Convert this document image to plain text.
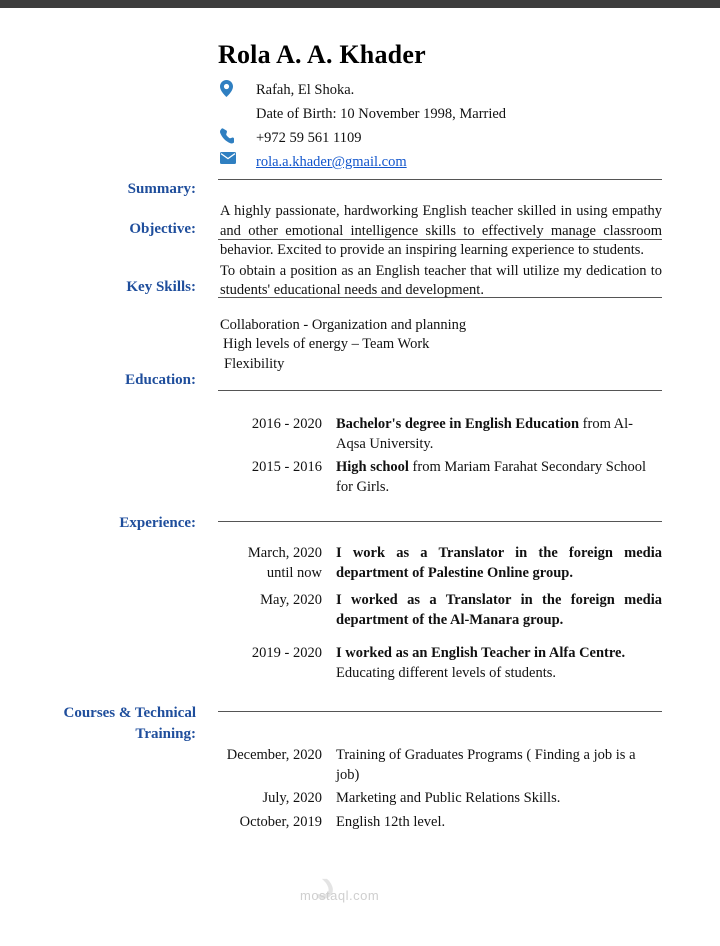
Rola A. A. Khader
Rafah, El Shoka.
Date of Birth: 10 November 1998, Married
+972 59 561 1109
rola.a.khader@gmail.com
Summary:

A highly passionate, hardworking English teacher skilled in using empathy and other emotional intelligence skills to effectively manage classroom behavior. Excited to provide an inspiring learning experience to students.

Objective:

To obtain a position as an English teacher that will utilize my dedication to students' educational needs and development.

Key Skills:

Collaboration - Organization and planning

High levels of energy – Team Work

Flexibility

Education:
2016 - 2020 Bachelor's degree in English Education from Al-Aqsa University.
2015 - 2016 High school from Mariam Farahat Secondary School for Girls.
Experience:
March, 2020 until now
I work as a Translator in the foreign media department of Palestine Online group.
May, 2020 I worked as a Translator in the foreign media department of the Al-Manara group.
2019 - 2020 I worked as an English Teacher in Alfa Centre.
Educating different levels of students.
Courses & Technical Training:
December, 2020 Training of Graduates Programs ( Finding a job is a job)
July, 2020 Marketing and Public Relations Skills.
October, 2019 English 12th level.
د
mostaql.com
